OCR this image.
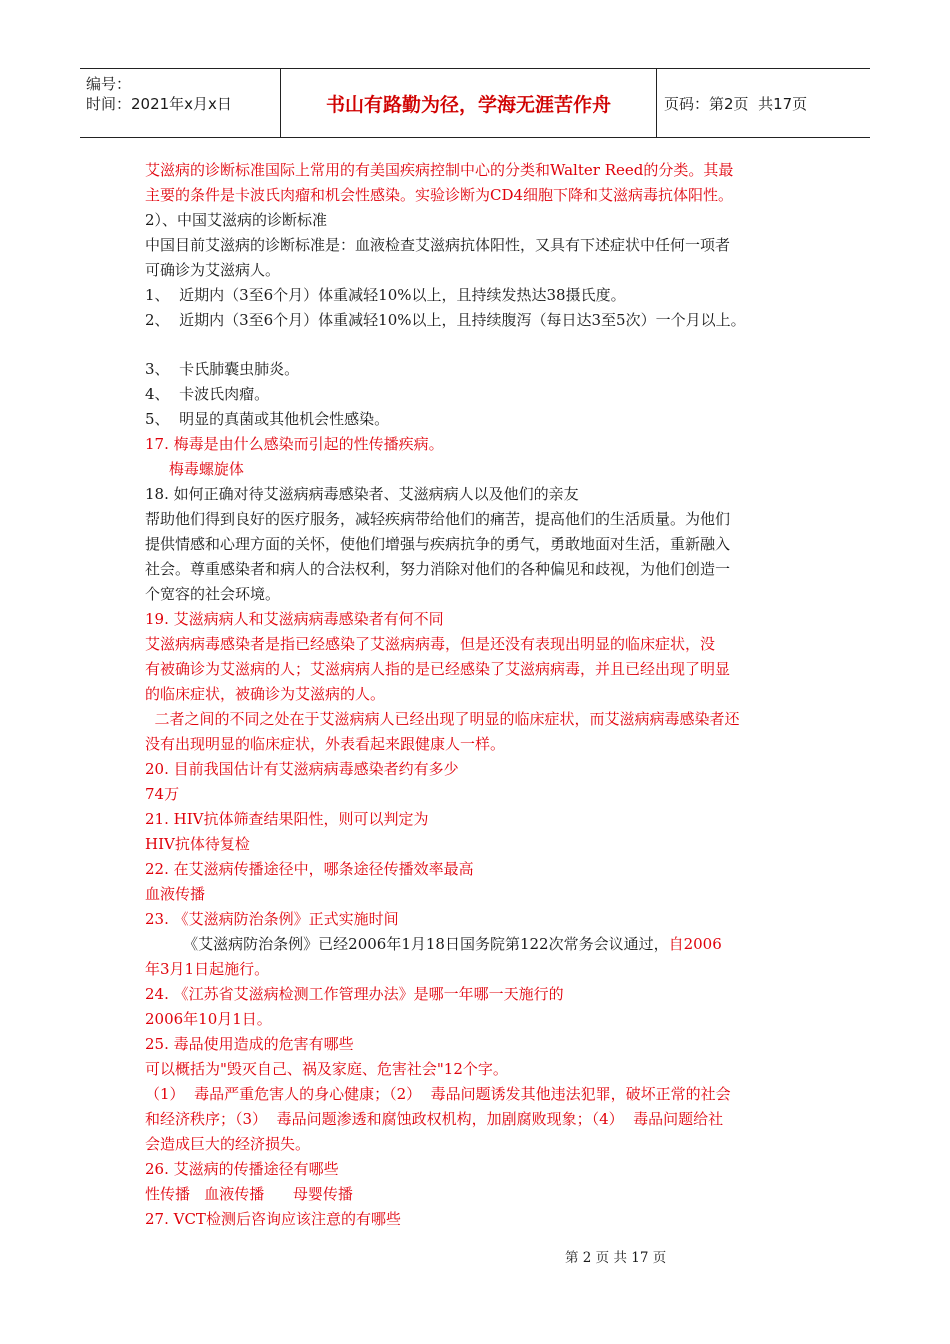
编号：
时间：2021年x月x日	书山有路勤为径，学海无涯苦作舟	页码：第2页  共17页
艾滋病的诊断标准国际上常用的有美国疾病控制中心的分类和Walter Reed的分类。其最
主要的条件是卡波氏肉瘤和机会性感染。实验诊断为CD4细胞下降和艾滋病毒抗体阳性。
2）、中国艾滋病的诊断标准
中国目前艾滋病的诊断标准是：血液检查艾滋病抗体阳性，又具有下述症状中任何一项者
可确诊为艾滋病人。
1、  近期内（3至6个月）体重减轻10%以上，且持续发热达38摄氏度。
2、  近期内（3至6个月）体重减轻10%以上，且持续腹泻（每日达3至5次）一个月以上。
3、  卡氏肺囊虫肺炎。
4、  卡波氏肉瘤。
5、  明显的真菌或其他机会性感染。
17. 梅毒是由什么感染而引起的性传播疾病。
梅毒螺旋体
18. 如何正确对待艾滋病病毒感染者、艾滋病病人以及他们的亲友
帮助他们得到良好的医疗服务，减轻疾病带给他们的痛苦，提高他们的生活质量。为他们
提供情感和心理方面的关怀，使他们增强与疾病抗争的勇气，勇敢地面对生活，重新融入
社会。尊重感染者和病人的合法权利，努力消除对他们的各种偏见和歧视，为他们创造一
个宽容的社会环境。
19. 艾滋病病人和艾滋病病毒感染者有何不同
艾滋病病毒感染者是指已经感染了艾滋病病毒，但是还没有表现出明显的临床症状，没
有被确诊为艾滋病的人；艾滋病病人指的是已经感染了艾滋病病毒，并且已经出现了明显
的临床症状，被确诊为艾滋病的人。
二者之间的不同之处在于艾滋病病人已经出现了明显的临床症状，而艾滋病病毒感染者还
没有出现明显的临床症状，外表看起来跟健康人一样。
20. 目前我国估计有艾滋病病毒感染者约有多少
74万
21. HIV抗体筛查结果阳性，则可以判定为
HIV抗体待复检
22. 在艾滋病传播途径中，哪条途径传播效率最高
血液传播
23. 《艾滋病防治条例》正式实施时间
《艾滋病防治条例》已经2006年1月18日国务院第122次常务会议通过，自2006
年3月1日起施行。
24. 《江苏省艾滋病检测工作管理办法》是哪一年哪一天施行的
2006年10月1日。
25. 毒品使用造成的危害有哪些
可以概括为"毁灭自己、祸及家庭、危害社会"12个字。
（1）  毒品严重危害人的身心健康；（2）  毒品问题诱发其他违法犯罪，破坏正常的社会
和经济秩序；（3）  毒品问题渗透和腐蚀政权机构，加剧腐败现象；（4）  毒品问题给社
会造成巨大的经济损失。
26. 艾滋病的传播途径有哪些
性传播   血液传播      母婴传播
27. VCT检测后咨询应该注意的有哪些
第 2 页 共 17 页
